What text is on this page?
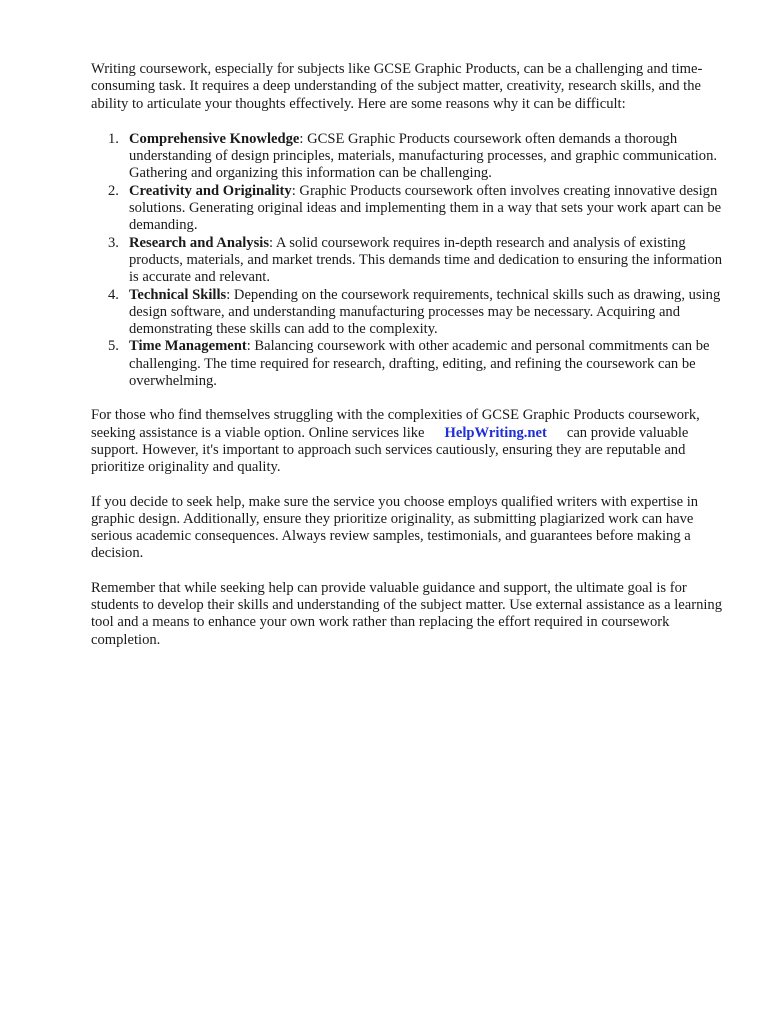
Writing coursework, especially for subjects like GCSE Graphic Products, can be a challenging and time-consuming task. It requires a deep understanding of the subject matter, creativity, research skills, and the ability to articulate your thoughts effectively. Here are some reasons why it can be difficult:

1. Comprehensive Knowledge: GCSE Graphic Products coursework often demands a thorough understanding of design principles, materials, manufacturing processes, and graphic communication. Gathering and organizing this information can be challenging.
2. Creativity and Originality: Graphic Products coursework often involves creating innovative design solutions. Generating original ideas and implementing them in a way that sets your work apart can be demanding.
3. Research and Analysis: A solid coursework requires in-depth research and analysis of existing products, materials, and market trends. This demands time and dedication to ensuring the information is accurate and relevant.
4. Technical Skills: Depending on the coursework requirements, technical skills such as drawing, using design software, and understanding manufacturing processes may be necessary. Acquiring and demonstrating these skills can add to the complexity.
5. Time Management: Balancing coursework with other academic and personal commitments can be challenging. The time required for research, drafting, editing, and refining the coursework can be overwhelming.

For those who find themselves struggling with the complexities of GCSE Graphic Products coursework, seeking assistance is a viable option. Online services like HelpWriting.net can provide valuable support. However, it's important to approach such services cautiously, ensuring they are reputable and prioritize originality and quality.

If you decide to seek help, make sure the service you choose employs qualified writers with expertise in graphic design. Additionally, ensure they prioritize originality, as submitting plagiarized work can have serious academic consequences. Always review samples, testimonials, and guarantees before making a decision.

Remember that while seeking help can provide valuable guidance and support, the ultimate goal is for students to develop their skills and understanding of the subject matter. Use external assistance as a learning tool and a means to enhance your own work rather than replacing the effort required in coursework completion.
